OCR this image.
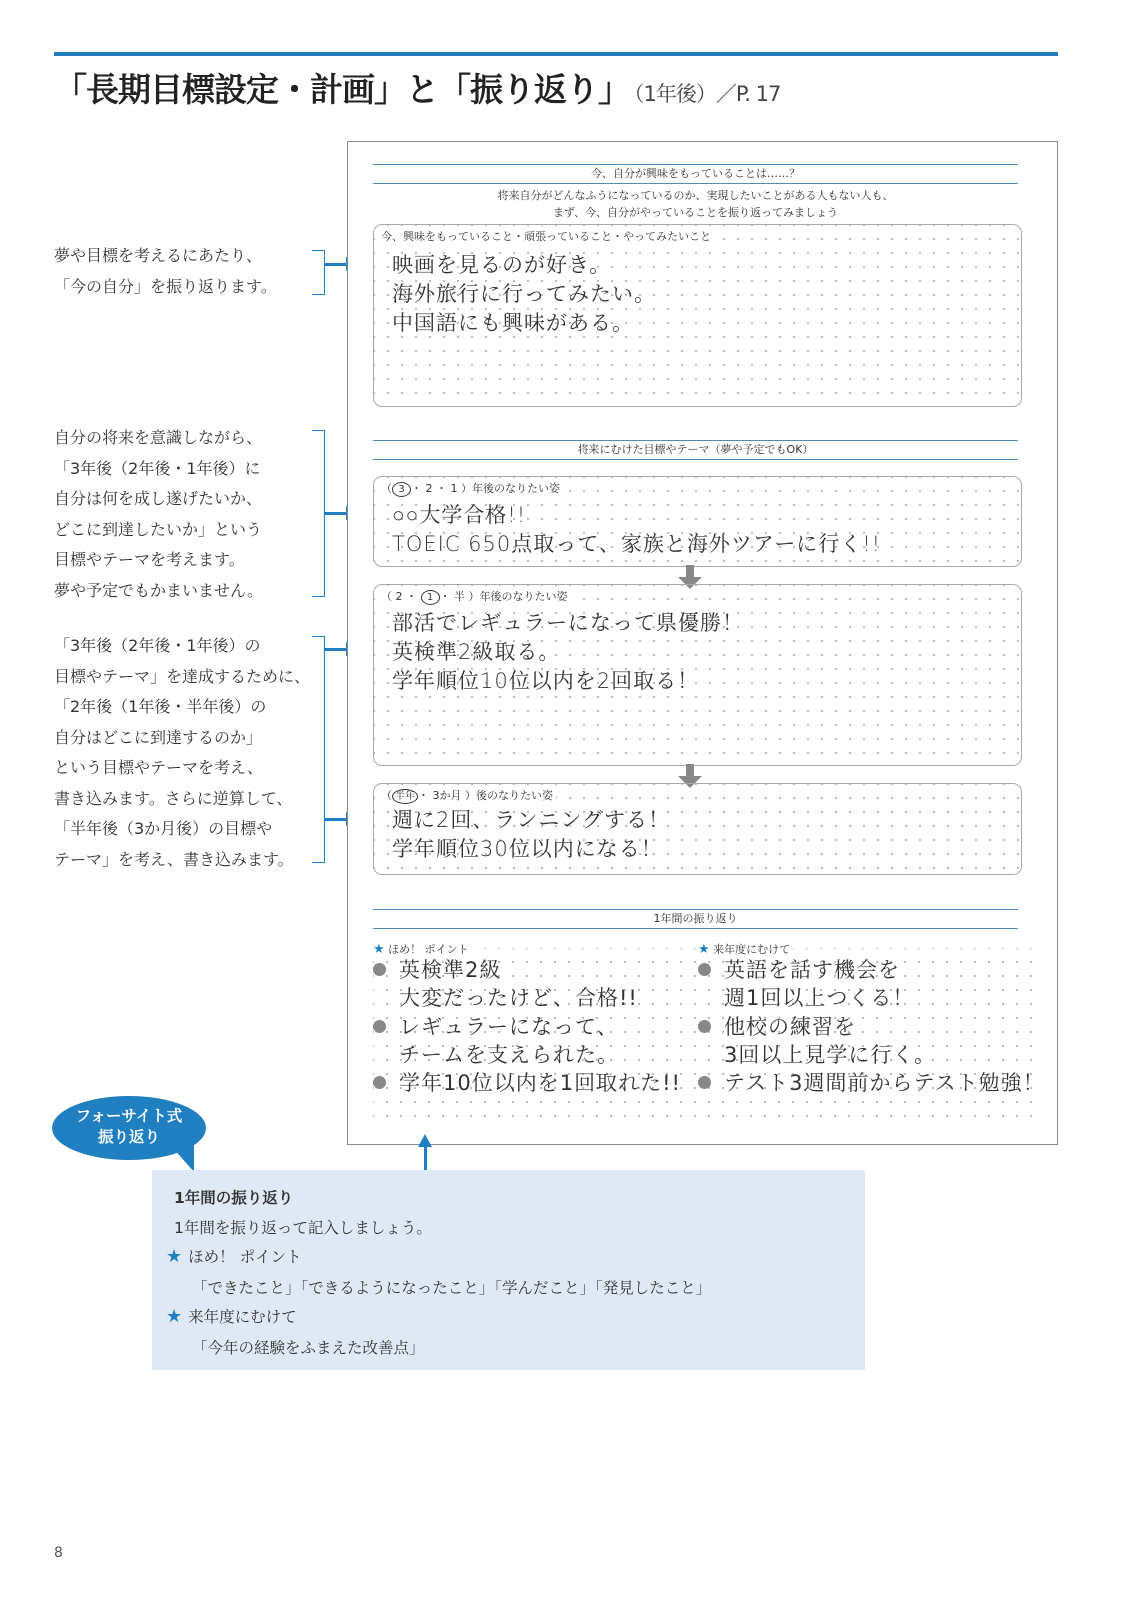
「長期目標設定・計画」と「振り返り」 （1年後）／P. 17
夢や目標を考えるにあたり、
「今の自分」を振り返ります。
自分の将来を意識しながら、
「3年後（2年後・1年後）に
自分は何を成し遂げたいか、
どこに到達したいか」という
目標やテーマを考えます。
夢や予定でもかまいません。
「3年後（2年後・1年後）の
目標やテーマ」を達成するために、
「2年後（1年後・半年後）の
自分はどこに到達するのか」
という目標やテーマを考え、
書き込みます。さらに逆算して、
「半年後（3か月後）の目標や
テーマ」を考え、書き込みます。
今、自分が興味をもっていることは……？
将来自分がどんなふうになっているのか、実現したいことがある人もない人も、
まず、今、自分がやっていることを振り返ってみましょう
今、興味をもっていること・頑張っていること・やってみたいこと
映画を見るのが好き。
海外旅行に行ってみたい。
中国語にも興味がある。
将来にむけた目標やテーマ（夢や予定でもOK）
（ 3 ・ 2 ・ 1 ）年後のなりたい姿
○○大学合格!!
TOEIC 650点取って、家族と海外ツアーに行く!!
（ 2 ・ 1 ・ 半 ）年後のなりたい姿
部活でレギュラーになって県優勝！
英検準2級取る。
学年順位10位以内を2回取る！
（ 半年 ・ 3か月 ）後のなりたい姿
週に2回、ランニングする！
学年順位30位以内になる！
1年間の振り返り
★ ほめ！ ポイント	★ 来年度にむけて
英検準2級
大変だったけど、合格!!
レギュラーになって、
チームを支えられた。
学年10位以内を1回取れた!!
英語を話す機会を
週1回以上つくる！
他校の練習を
3回以上見学に行く。
テスト3週間前からテスト勉強！
フォーサイト式
振り返り
1年間の振り返り
1年間を振り返って記入しましょう。
★ ほめ！ ポイント
「できたこと」「できるようになったこと」「学んだこと」「発見したこと」
★ 来年度にむけて
「今年の経験をふまえた改善点」
8
